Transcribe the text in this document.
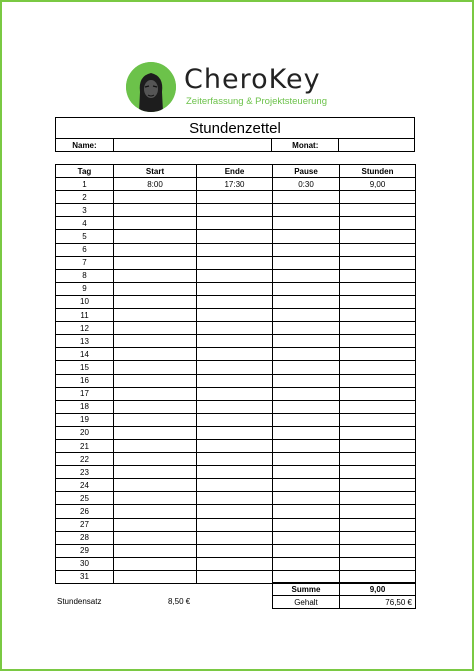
CheroKey
Zeiterfassung & Projektsteuerung
Stundenzettel
Name:		Monat:	
Tag	Start	Ende	Pause	Stunden
1	8:00	17:30	0:30	9,00
2				
3				
4				
5				
6				
7				
8				
9				
10				
11				
12				
13				
14				
15				
16				
17				
18				
19				
20				
21				
22				
23				
24				
25				
26				
27				
28				
29				
30				
31				
Summe	9,00
Gehalt	76,50 €
Stundensatz	8,50 €
